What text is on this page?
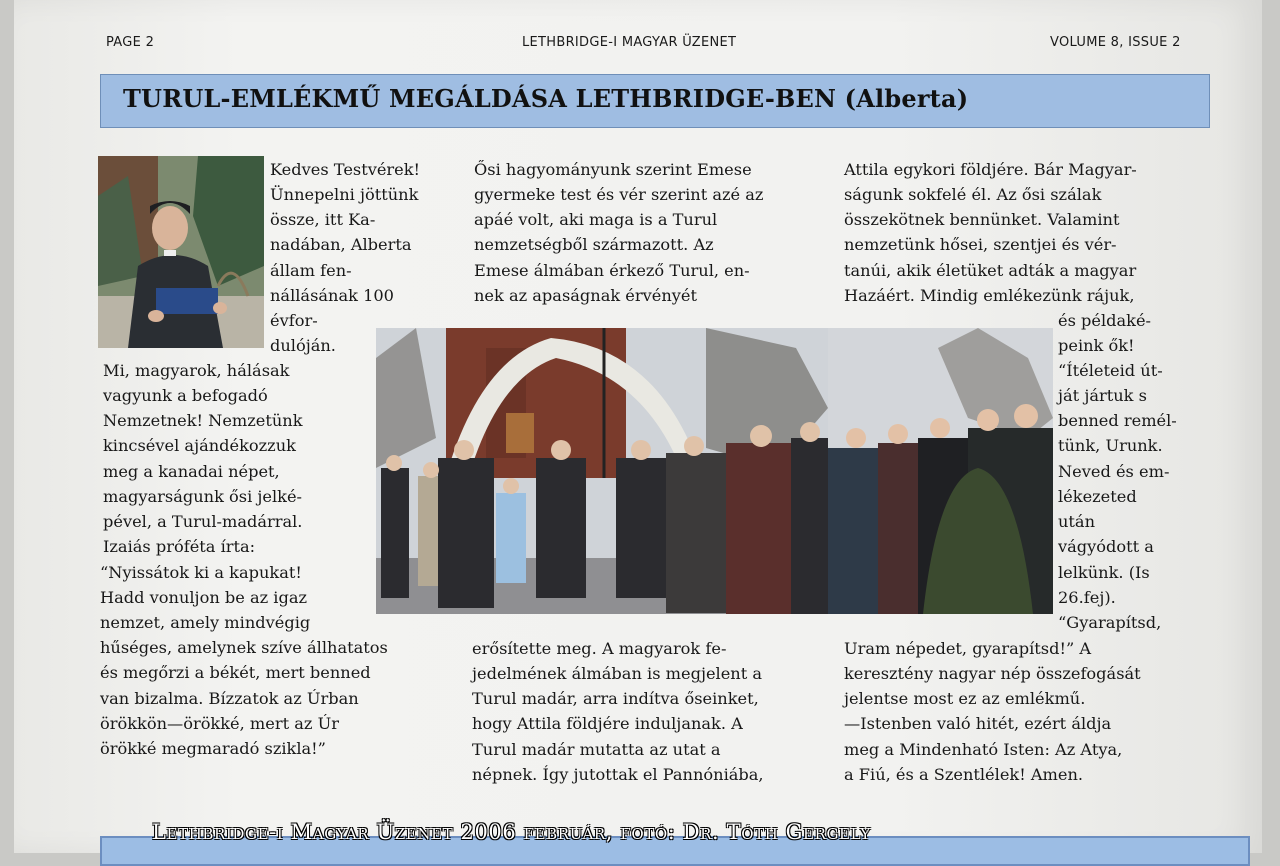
PAGE 2	LETHBRIDGE-I MAGYAR ÜZENET	VOLUME 8, ISSUE 2
TURUL-EMLÉKMŰ MEGÁLDÁSA LETHBRIDGE-BEN (Alberta)
Kedves Testvérek!
Ünnepelni jöttünk
össze, itt Ka-
nadában, Alberta
állam fen-
nállásának 100
évfor-
dulóján.
Mi, magyarok, hálásak
vagyunk a befogadó
Nemzetnek! Nemzetünk
kincsével ajándékozzuk
meg a kanadai népet,
magyarságunk ősi jelké-
pével, a Turul-madárral.
Izaiás próféta írta:
“Nyissátok ki a kapukat!
Hadd vonuljon be az igaz
nemzet, amely mindvégig
hűséges, amelynek szíve állhatatos
és megőrzi a békét, mert benned
van bizalma. Bízzatok az Úrban
örökkön—örökké, mert az Úr
örökké megmaradó szikla!”
Ősi hagyományunk szerint Emese
gyermeke test és vér szerint azé az
apáé volt, aki maga is a Turul
nemzetségből származott. Az
Emese álmában érkező Turul, en-
nek az apaságnak érvényét
erősítette meg. A magyarok fe-
jedelmének álmában is megjelent a
Turul madár, arra indítva őseinket,
hogy Attila földjére induljanak. A
Turul madár mutatta az utat a
népnek. Így jutottak el Pannóniába,
Attila egykori földjére. Bár Magyar-
ságunk sokfelé él. Az ősi szálak
összekötnek bennünket. Valamint
nemzetünk hősei, szentjei és vér-
tanúi, akik életüket adták a magyar
Hazáért. Mindig emlékezünk rájuk,
és példaké-
peink ők!
“Ítéleteid út-
ját jártuk s
benned remél-
tünk, Urunk.
Neved és em-
lékezeted
után
vágyódott a
lelkünk. (Is
26.fej).
“Gyarapítsd,
Uram népedet, gyarapítsd!” A
keresztény nagyar nép összefogását
jelentse most ez az emlékmű.
—Istenben való hitét, ezért áldja
meg a Mindenható Isten: Az Atya,
a Fiú, és a Szentlélek! Amen.
Lethbridge-i Magyar Üzenet 2006 február, fotó: Dr. Tóth Gergely
